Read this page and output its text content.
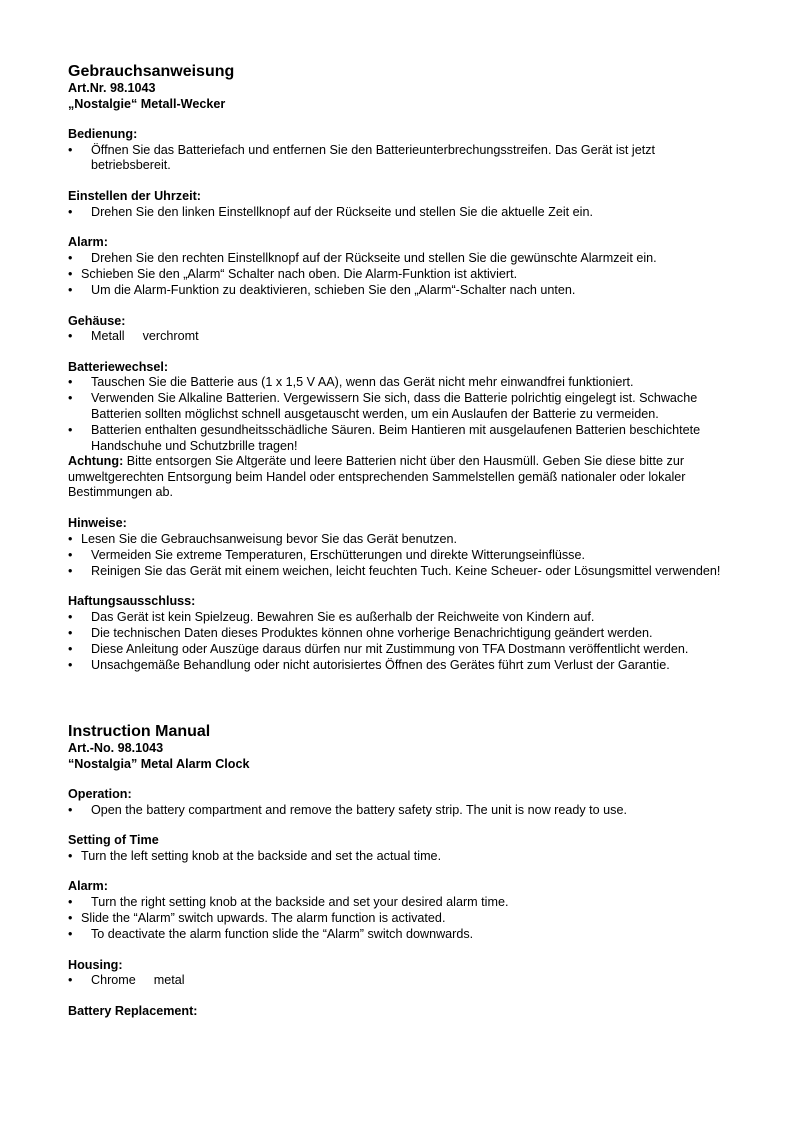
Gebrauchsanweisung
Art.Nr. 98.1043
„Nostalgie“ Metall-Wecker
Bedienung:
• Öffnen Sie das Batteriefach und entfernen Sie den Batterieunterbrechungsstreifen. Das Gerät ist jetzt betriebsbereit.
Einstellen der Uhrzeit:
• Drehen Sie den linken Einstellknopf auf der Rückseite und stellen Sie die aktuelle Zeit ein.
Alarm:
• Drehen Sie den rechten Einstellknopf auf der Rückseite und stellen Sie die gewünschte Alarmzeit ein.
• Schieben Sie den „Alarm“ Schalter nach oben. Die Alarm-Funktion ist aktiviert.
• Um die Alarm-Funktion zu deaktivieren, schieben Sie den „Alarm“-Schalter nach unten.
Gehäuse:
• Metall verchromt
Batteriewechsel:
• Tauschen Sie die Batterie aus (1 x 1,5 V AA), wenn das Gerät nicht mehr einwandfrei funktioniert.
• Verwenden Sie Alkaline Batterien. Vergewissern Sie sich, dass die Batterie polrichtig eingelegt ist. Schwache Batterien sollten möglichst schnell ausgetauscht werden, um ein Auslaufen der Batterie zu vermeiden.
• Batterien enthalten gesundheitsschädliche Säuren. Beim Hantieren mit ausgelaufenen Batterien beschichtete Handschuhe und Schutzbrille tragen!
Achtung: Bitte entsorgen Sie Altgeräte und leere Batterien nicht über den Hausmüll. Geben Sie diese bitte zur umweltgerechten Entsorgung beim Handel oder entsprechenden Sammelstellen gemäß nationaler oder lokaler Bestimmungen ab.
Hinweise:
• Lesen Sie die Gebrauchsanweisung bevor Sie das Gerät benutzen.
• Vermeiden Sie extreme Temperaturen, Erschütterungen und direkte Witterungseinflüsse.
• Reinigen Sie das Gerät mit einem weichen, leicht feuchten Tuch. Keine Scheuer- oder Lösungsmittel verwenden!
Haftungsausschluss:
• Das Gerät ist kein Spielzeug. Bewahren Sie es außerhalb der Reichweite von Kindern auf.
• Die technischen Daten dieses Produktes können ohne vorherige Benachrichtigung geändert werden.
• Diese Anleitung oder Auszüge daraus dürfen nur mit Zustimmung von TFA Dostmann veröffentlicht werden.
• Unsachgemäße Behandlung oder nicht autorisiertes Öffnen des Gerätes führt zum Verlust der Garantie.
Instruction Manual
Art.-No. 98.1043
“Nostalgia” Metal Alarm Clock
Operation:
• Open the battery compartment and remove the battery safety strip. The unit is now ready to use.
Setting of Time
• Turn the left setting knob at the backside and set the actual time.
Alarm:
• Turn the right setting knob at the backside and set your desired alarm time.
• Slide the “Alarm” switch upwards. The alarm function is activated.
• To deactivate the alarm function slide the “Alarm” switch downwards.
Housing:
• Chrome metal
Battery Replacement:
